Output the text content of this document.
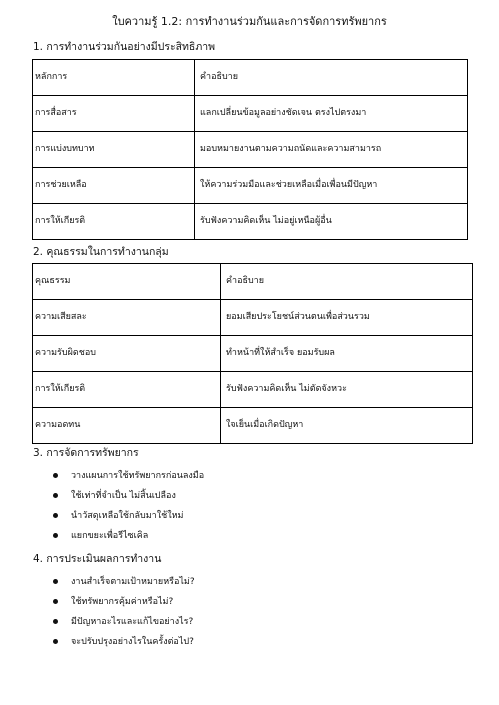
ใบความรู้ 1.2: การทำงานร่วมกันและการจัดการทรัพยากร
1. การทำงานร่วมกันอย่างมีประสิทธิภาพ
หลักการ	คำอธิบาย
การสื่อสาร	แลกเปลี่ยนข้อมูลอย่างชัดเจน ตรงไปตรงมา
การแบ่งบทบาท	มอบหมายงานตามความถนัดและความสามารถ
การช่วยเหลือ	ให้ความร่วมมือและช่วยเหลือเมื่อเพื่อนมีปัญหา
การให้เกียรติ	รับฟังความคิดเห็น ไม่อยู่เหนือผู้อื่น
2. คุณธรรมในการทำงานกลุ่ม
คุณธรรม	คำอธิบาย
ความเสียสละ	ยอมเสียประโยชน์ส่วนตนเพื่อส่วนรวม
ความรับผิดชอบ	ทำหน้าที่ให้สำเร็จ ยอมรับผล
การให้เกียรติ	รับฟังความคิดเห็น ไม่ตัดจังหวะ
ความอดทน	ใจเย็นเมื่อเกิดปัญหา
3. การจัดการทรัพยากร
วางแผนการใช้ทรัพยากรก่อนลงมือ
ใช้เท่าที่จำเป็น ไม่สิ้นเปลือง
นำวัสดุเหลือใช้กลับมาใช้ใหม่
แยกขยะเพื่อรีไซเคิล
4. การประเมินผลการทำงาน
งานสำเร็จตามเป้าหมายหรือไม่?
ใช้ทรัพยากรคุ้มค่าหรือไม่?
มีปัญหาอะไรและแก้ไขอย่างไร?
จะปรับปรุงอย่างไรในครั้งต่อไป?
